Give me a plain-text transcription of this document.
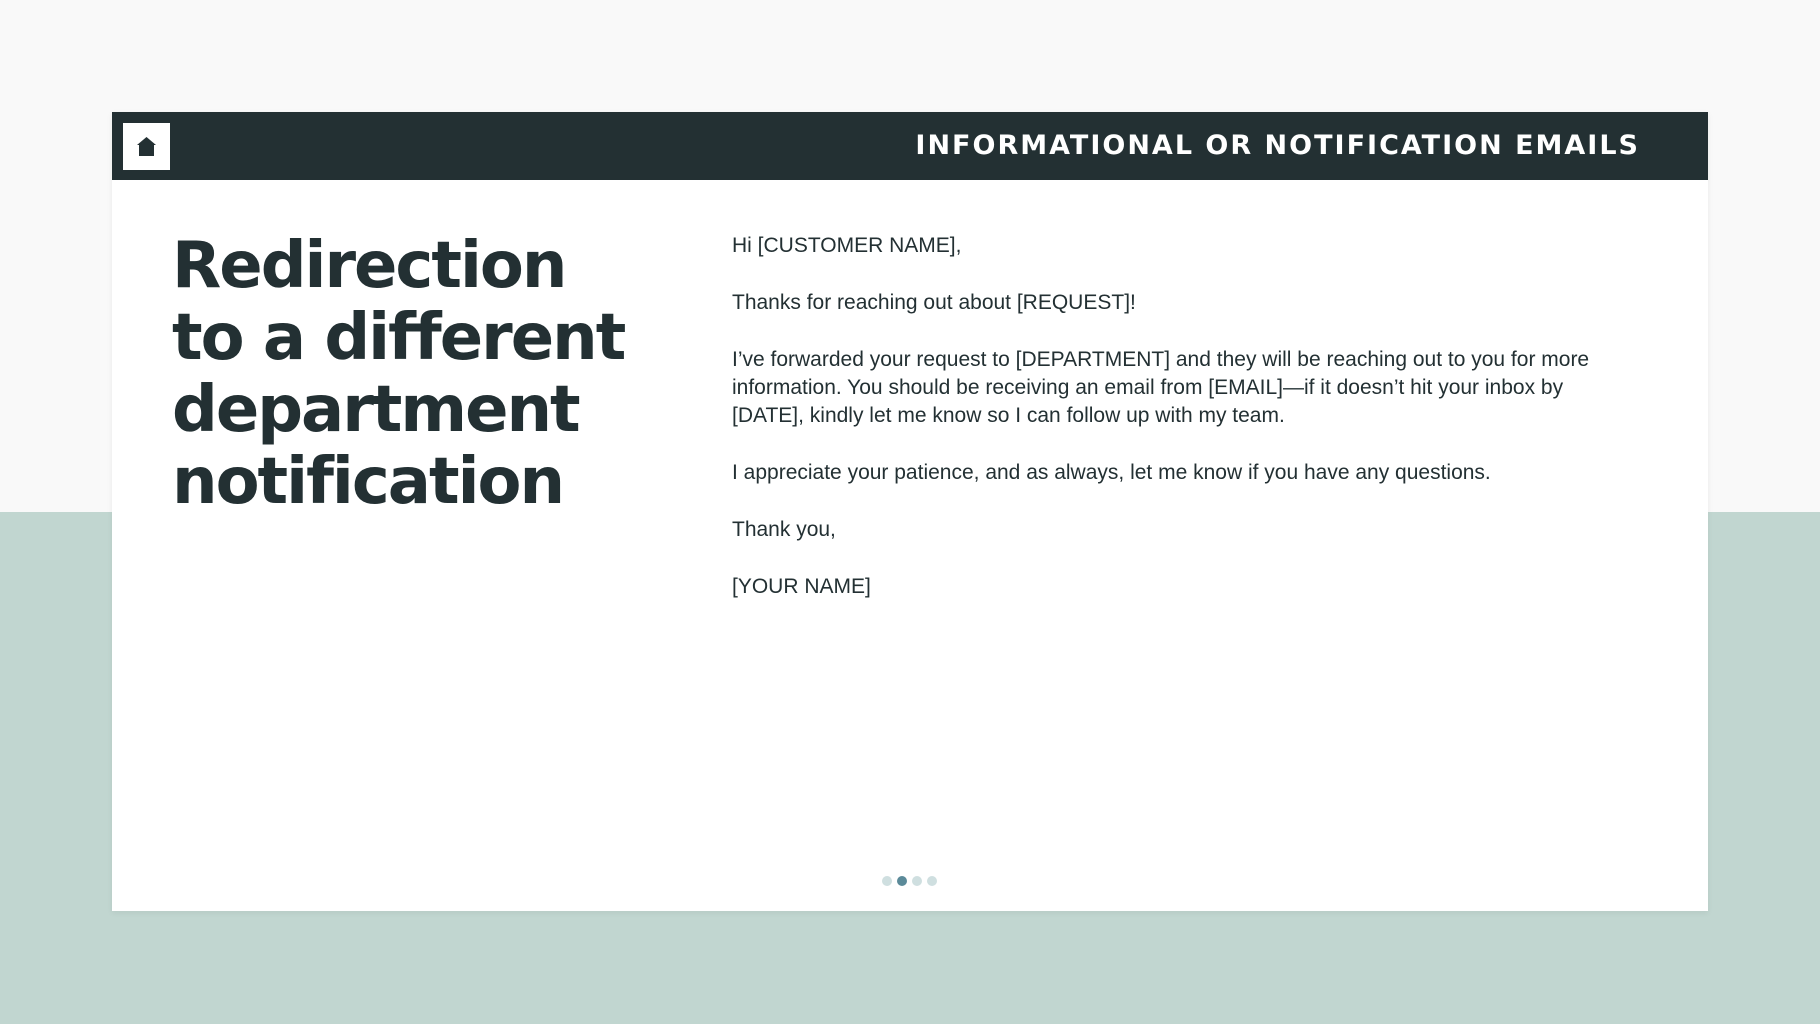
INFORMATIONAL OR NOTIFICATION EMAILS
Redirection
to a different
department
notification

Hi [CUSTOMER NAME],

Thanks for reaching out about [REQUEST]!

I’ve forwarded your request to [DEPARTMENT] and they will be reaching out to you for more information. You should be receiving an email from [EMAIL]—if it doesn’t hit your inbox by [DATE], kindly let me know so I can follow up with my team.

I appreciate your patience, and as always, let me know if you have any questions.

Thank you,

[YOUR NAME]
